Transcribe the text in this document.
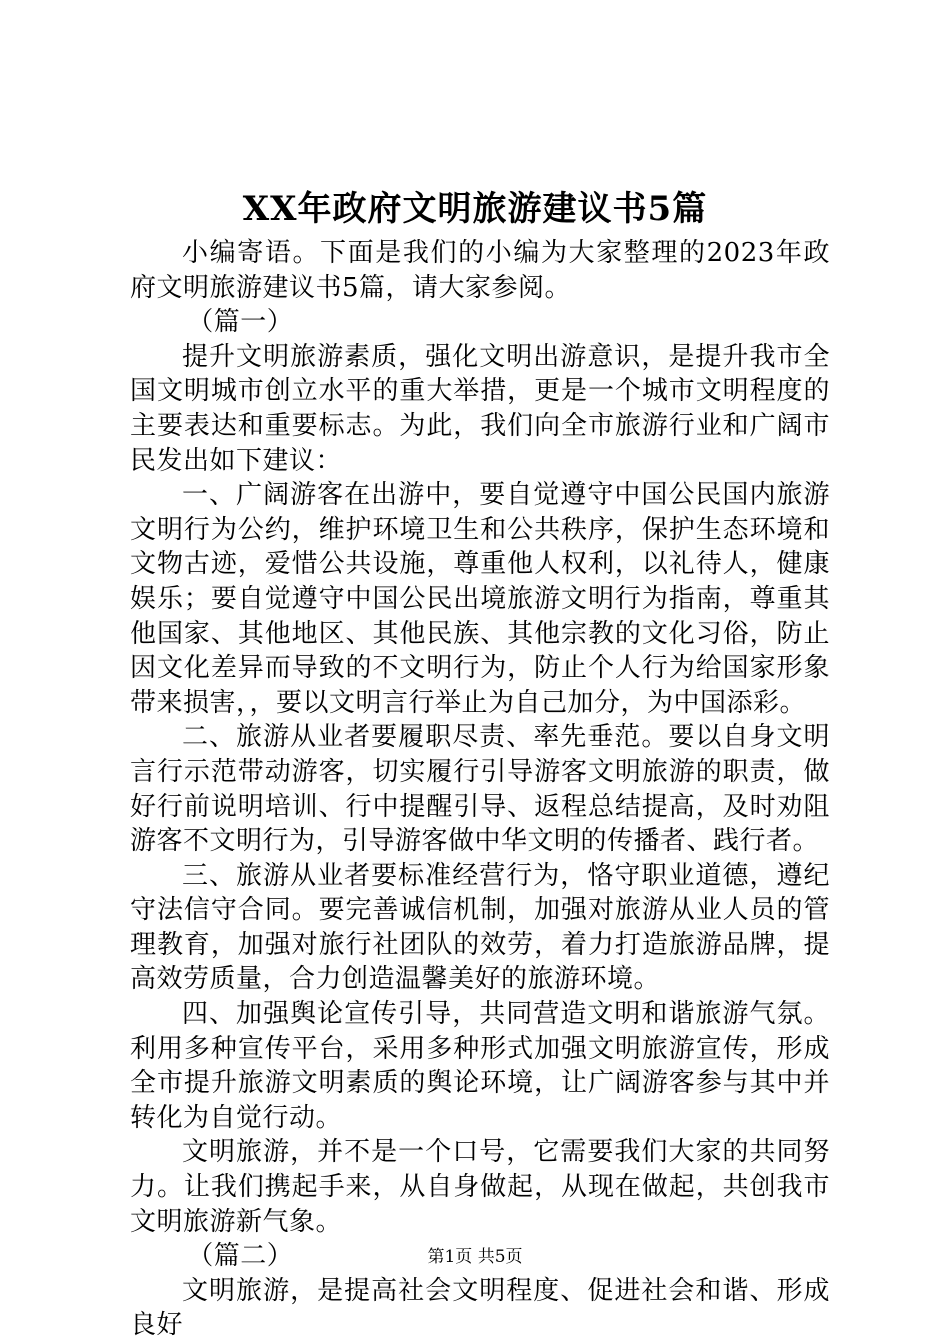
XX年政府文明旅游建议书5篇

小编寄语。下面是我们的小编为大家整理的2023年政府文明旅游建议书5篇，请大家参阅。

（篇一）

提升文明旅游素质，强化文明出游意识，是提升我市全国文明城市创立水平的重大举措，更是一个城市文明程度的主要表达和重要标志。为此，我们向全市旅游行业和广阔市民发出如下建议：

一、广阔游客在出游中，要自觉遵守中国公民国内旅游文明行为公约，维护环境卫生和公共秩序，保护生态环境和文物古迹，爱惜公共设施，尊重他人权利，以礼待人，健康娱乐；要自觉遵守中国公民出境旅游文明行为指南，尊重其他国家、其他地区、其他民族、其他宗教的文化习俗，防止因文化差异而导致的不文明行为，防止个人行为给国家形象带来损害，，要以文明言行举止为自己加分，为中国添彩。

二、旅游从业者要履职尽责、率先垂范。要以自身文明言行示范带动游客，切实履行引导游客文明旅游的职责，做好行前说明培训、行中提醒引导、返程总结提高，及时劝阻游客不文明行为，引导游客做中华文明的传播者、践行者。

三、旅游从业者要标准经营行为，恪守职业道德，遵纪守法信守合同。要完善诚信机制，加强对旅游从业人员的管理教育，加强对旅行社团队的效劳，着力打造旅游品牌，提高效劳质量，合力创造温馨美好的旅游环境。

四、加强舆论宣传引导，共同营造文明和谐旅游气氛。利用多种宣传平台，采用多种形式加强文明旅游宣传，形成全市提升旅游文明素质的舆论环境，让广阔游客参与其中并转化为自觉行动。

文明旅游，并不是一个口号，它需要我们大家的共同努力。让我们携起手来，从自身做起，从现在做起，共创我市文明旅游新气象。

（篇二）

文明旅游，是提高社会文明程度、促进社会和谐、形成良好

第1页 共5页
